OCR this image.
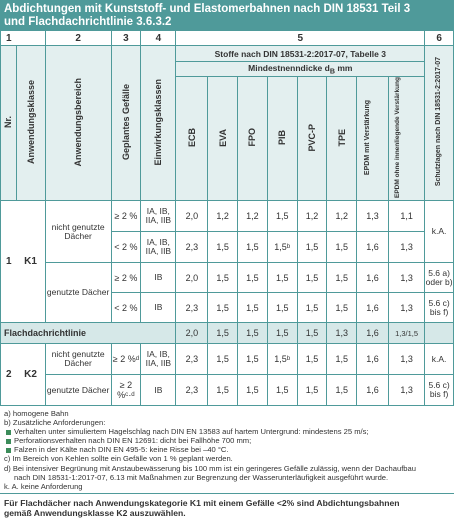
Abdichtungen mit Kunststoff- und Elastomerbahnen nach DIN 18531 Teil 3
und Flachdachrichtlinie 3.6.3.2
1		2	3	4	5								6
Nr.	Anwendungsklasse	Anwendungsbereich	Geplantes Gefälle	Einwirkungsklassen	Stoffe nach DIN 18531-2:2017-07, Tabelle 3								Schutzlagen nach DIN 18531-2:2017-07
					Mindestnenndicke $d_B$ mm								
					ECB	EVA	FPO	PIB	PVC-P	TPE	EPDM mit Verstärkung	EPDM ohne innenliegende Verstärkung	
1	K1	nicht genutzte Dächer	≥ 2 %	IA, IB, IIA, IIB	2,0	1,2	1,2	1,5	1,2	1,2	1,3	1,1	k.A.
			< 2 %	IA, IB, IIA, IIB	2,3	1,5	1,5	1,5ᵇ	1,5	1,5	1,6	1,3	
		genutzte Dächer	≥ 2 %	IB	2,0	1,5	1,5	1,5	1,5	1,5	1,6	1,3	5.6 a) oder b)
			< 2 %	IB	2,3	1,5	1,5	1,5	1,5	1,5	1,6	1,3	5.6 c) bis f)
Flachdachrichtlinie					2,0	1,5	1,5	1,5	1,5	1,3	1,6	1,3/1,5	
2	K2	nicht genutzte Dächer	≥ 2 %ᵈ	IA, IB, IIA, IIB	2,3	1,5	1,5	1,5ᵇ	1,5	1,5	1,6	1,3	k.A.
		genutzte Dächer	≥ 2 %ᶜ·ᵈ	IB	2,3	1,5	1,5	1,5	1,5	1,5	1,6	1,3	5.6 c) bis f)
a) homogene Bahn
b) Zusätzliche Anforderungen:
Verhalten unter simuliertem Hagelschlag nach DIN EN 13583 auf hartem Untergrund: mindestens 25 m/s;
Perforationsverhalten nach DIN EN 12691: dicht bei Fallhöhe 700 mm;
Falzen in der Kälte nach DIN EN 495-5: keine Risse bei –40 °C.
c) Im Bereich von Kehlen sollte ein Gefälle von 1 % geplant werden.
d) Bei intensiver Begrünung mit Anstaubewässerung bis 100 mm ist ein geringeres Gefälle zulässig, wenn der Dachaufbau
nach DIN 18531-1:2017-07, 6.13 mit Maßnahmen zur Begrenzung der Wasserunterläufigkeit ausgeführt wurde.
k. A. keine Anforderung
Für Flachdächer nach Anwendungskategorie K1 mit einem Gefälle <2% sind Abdichtungsbahnen
gemäß Anwendungsklasse K2 auszuwählen.
